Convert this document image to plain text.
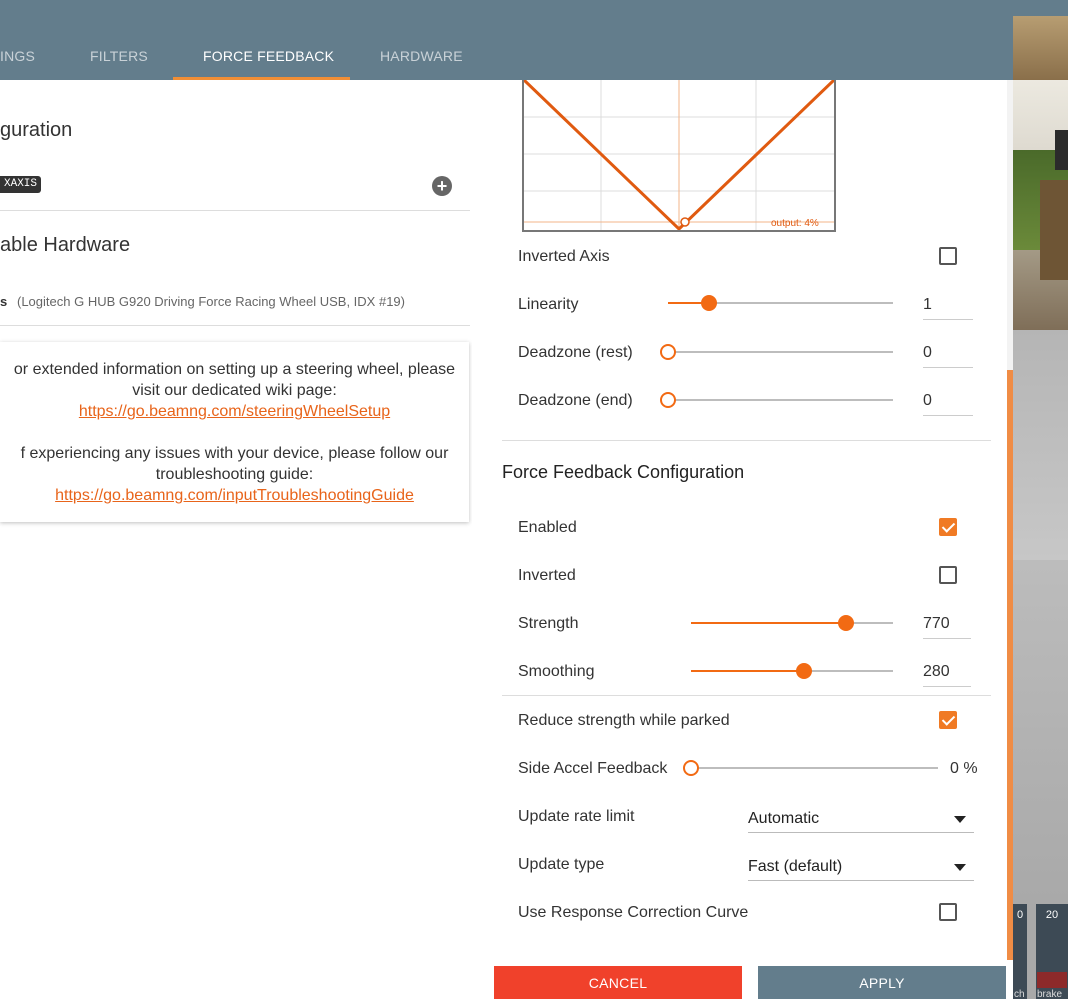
0	20
ch brake
INGS	FILTERS	FORCE FEEDBACK	HARDWARE
guration
XAXIS	+
able Hardware
s (Logitech G HUB G920 Driving Force Racing Wheel USB, IDX #19)
or extended information on setting up a steering wheel, please
visit our dedicated wiki page:
https://go.beamng.com/steeringWheelSetup
f experiencing any issues with your device, please follow our
troubleshooting guide:
https://go.beamng.com/inputTroubleshootingGuide
output: 4%
Inverted Axis
Linearity	1
Deadzone (rest)	0
Deadzone (end)	0
Force Feedback Configuration
Enabled
Inverted
Strength	770
Smoothing	280
Reduce strength while parked
Side Accel Feedback	0 %
Update rate limit	Automatic
Update type	Fast (default)
Use Response Correction Curve
CANCEL	APPLY
